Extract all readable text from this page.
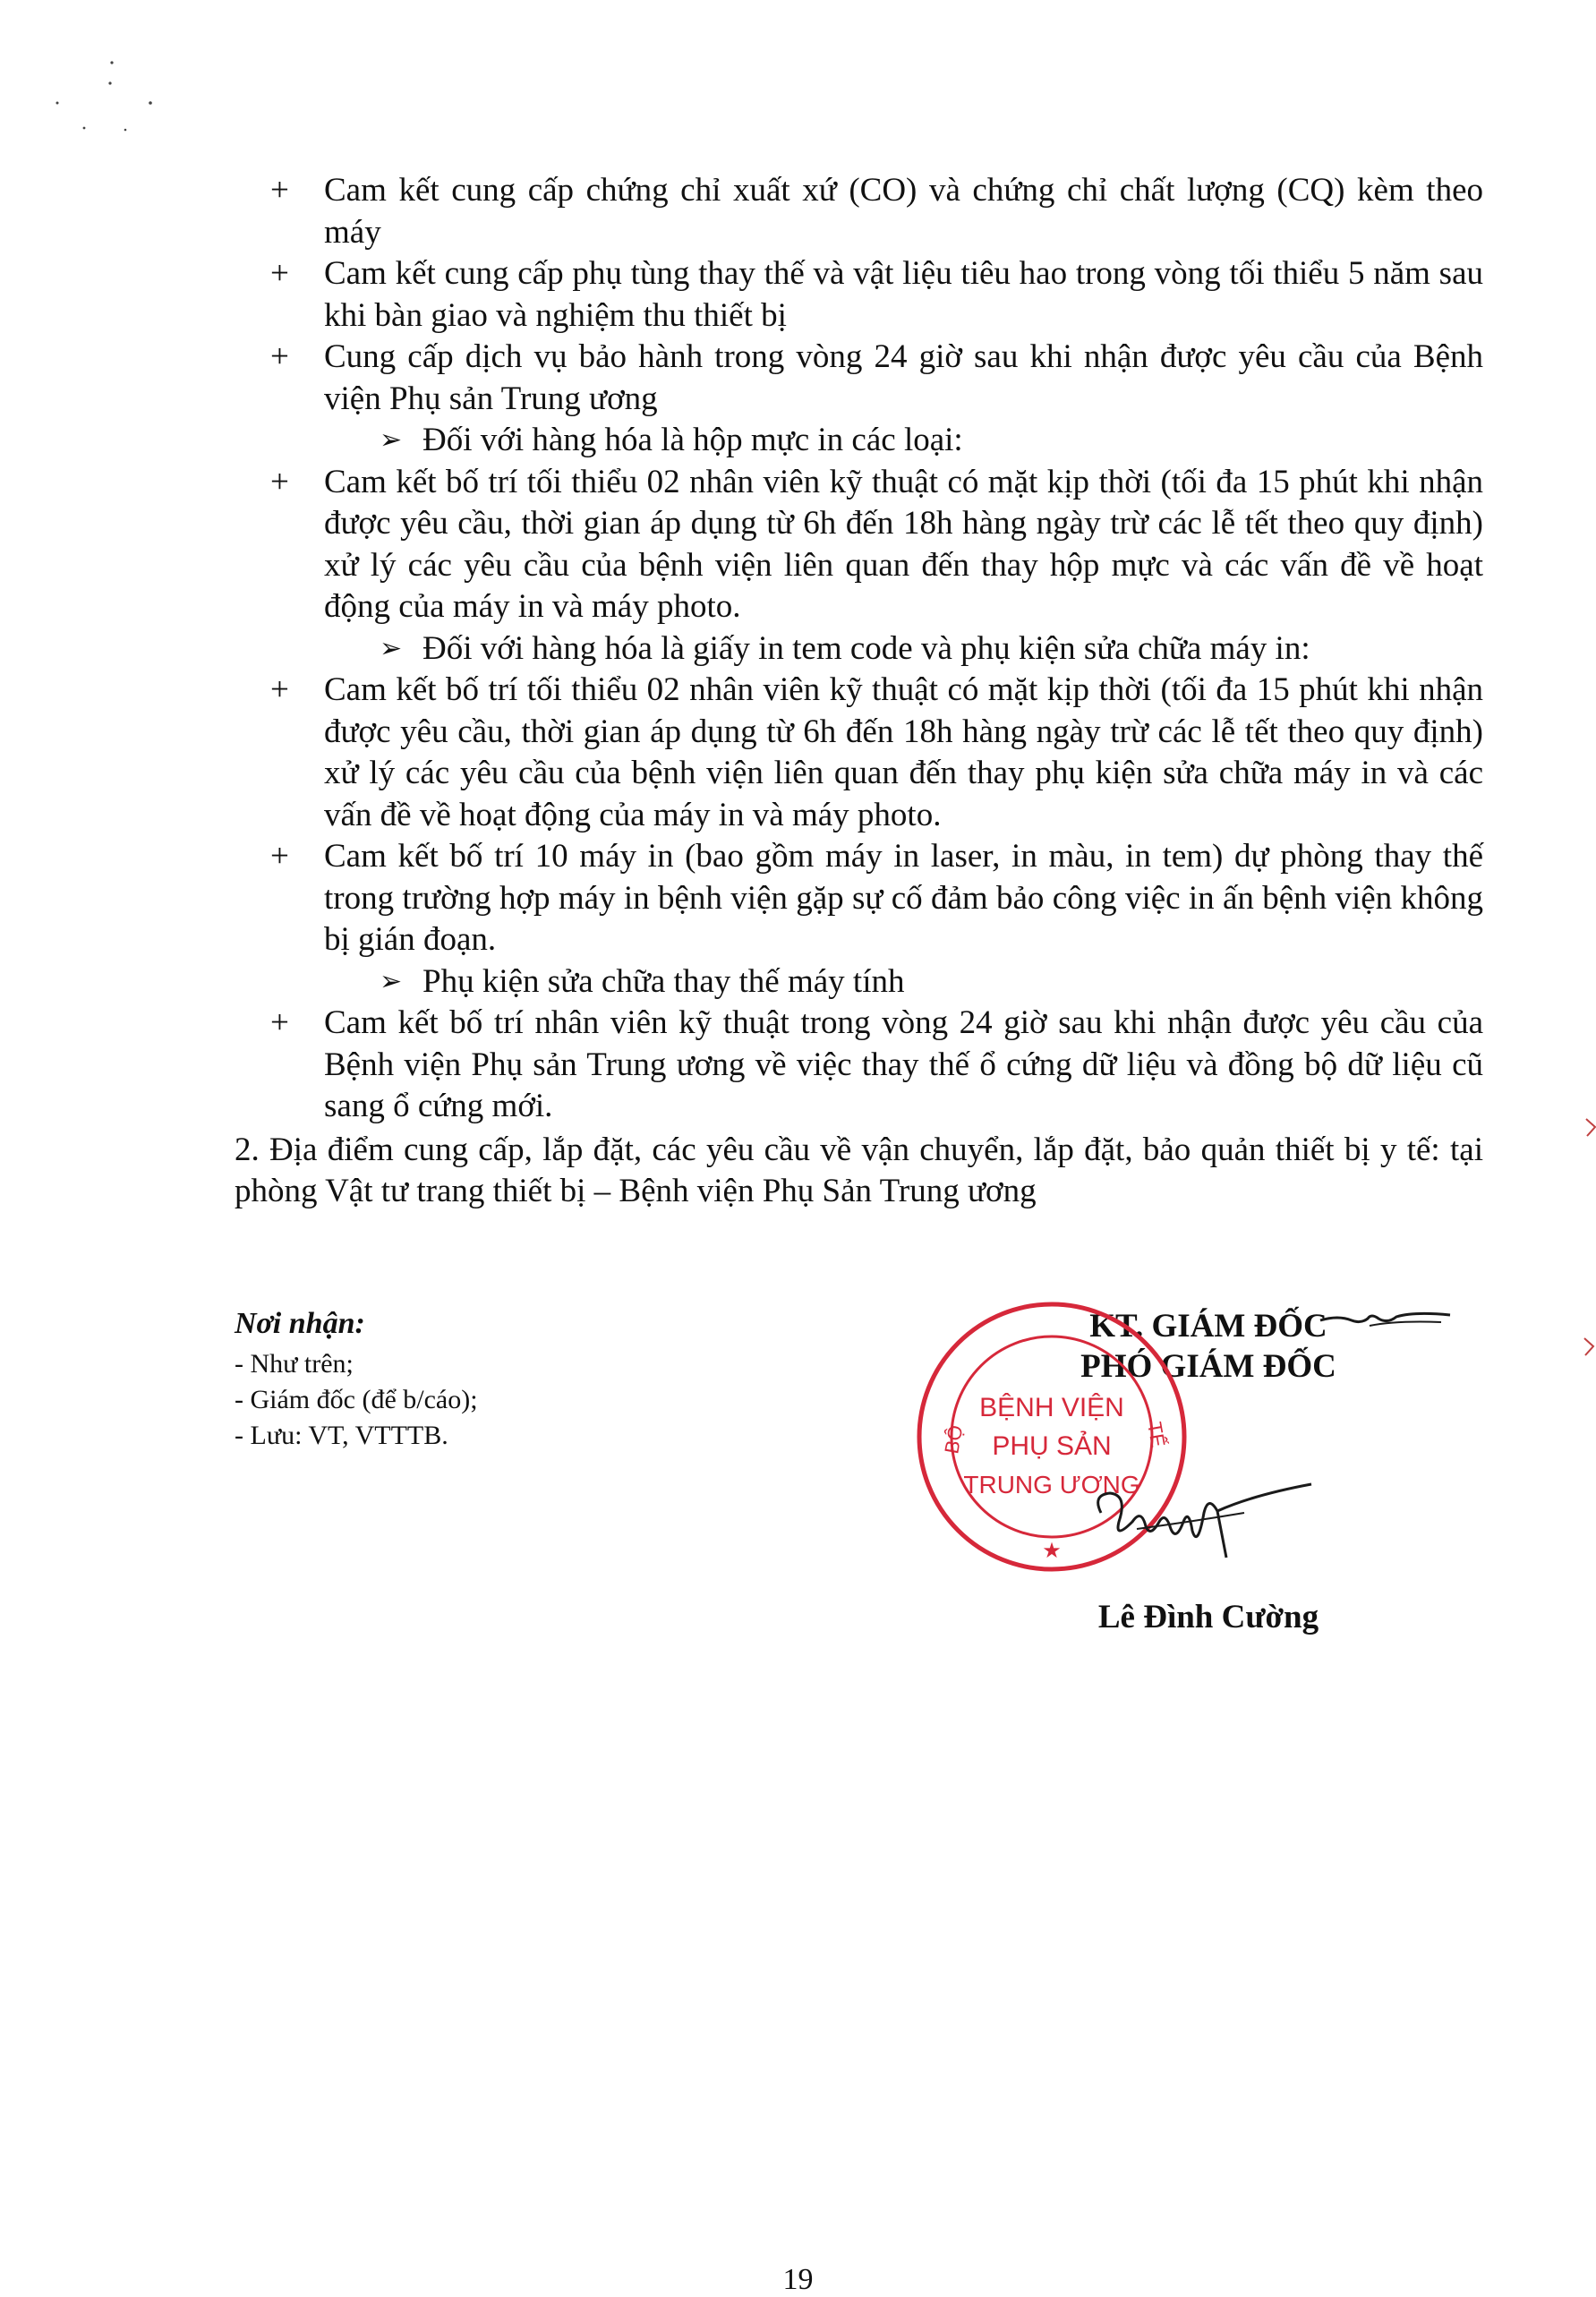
+ Cam kết cung cấp chứng chỉ xuất xứ (CO) và chứng chỉ chất lượng (CQ) kèm theo máy
+ Cam kết cung cấp phụ tùng thay thế và vật liệu tiêu hao trong vòng tối thiểu 5 năm sau khi bàn giao và nghiệm thu thiết bị
+ Cung cấp dịch vụ bảo hành trong vòng 24 giờ sau khi nhận được yêu cầu của Bệnh viện Phụ sản Trung ương
➢ Đối với hàng hóa là hộp mực in các loại:
+ Cam kết bố trí tối thiểu 02 nhân viên kỹ thuật có mặt kịp thời (tối đa 15 phút khi nhận được yêu cầu, thời gian áp dụng từ 6h đến 18h hàng ngày trừ các lễ tết theo quy định) xử lý các yêu cầu của bệnh viện liên quan đến thay hộp mực và các vấn đề về hoạt động của máy in và máy photo.
➢ Đối với hàng hóa là giấy in tem code và phụ kiện sửa chữa máy in:
+ Cam kết bố trí tối thiểu 02 nhân viên kỹ thuật có mặt kịp thời (tối đa 15 phút khi nhận được yêu cầu, thời gian áp dụng từ 6h đến 18h hàng ngày trừ các lễ tết theo quy định) xử lý các yêu cầu của bệnh viện liên quan đến thay phụ kiện sửa chữa máy in và các vấn đề về hoạt động của máy in và máy photo.
+ Cam kết bố trí 10 máy in (bao gồm máy in laser, in màu, in tem) dự phòng thay thế trong trường hợp máy in bệnh viện gặp sự cố đảm bảo công việc in ấn bệnh viện không bị gián đoạn.
➢ Phụ kiện sửa chữa thay thế máy tính
+ Cam kết bố trí nhân viên kỹ thuật trong vòng 24 giờ sau khi nhận được yêu cầu của Bệnh viện Phụ sản Trung ương về việc thay thế ổ cứng dữ liệu và đồng bộ dữ liệu cũ sang ổ cứng mới.
2. Địa điểm cung cấp, lắp đặt, các yêu cầu về vận chuyển, lắp đặt, bảo quản thiết bị y tế: tại phòng Vật tư trang thiết bị – Bệnh viện Phụ Sản Trung ương
Nơi nhận:
- Như trên;
- Giám đốc (để b/cáo);
- Lưu: VT, VTTTB.
KT. GIÁM ĐỐC
PHÓ GIÁM ĐỐC
BỘ	TẾ
BỆNH VIỆN
PHỤ SẢN
TRUNG ƯƠNG
★
Lê Đình Cường
19
